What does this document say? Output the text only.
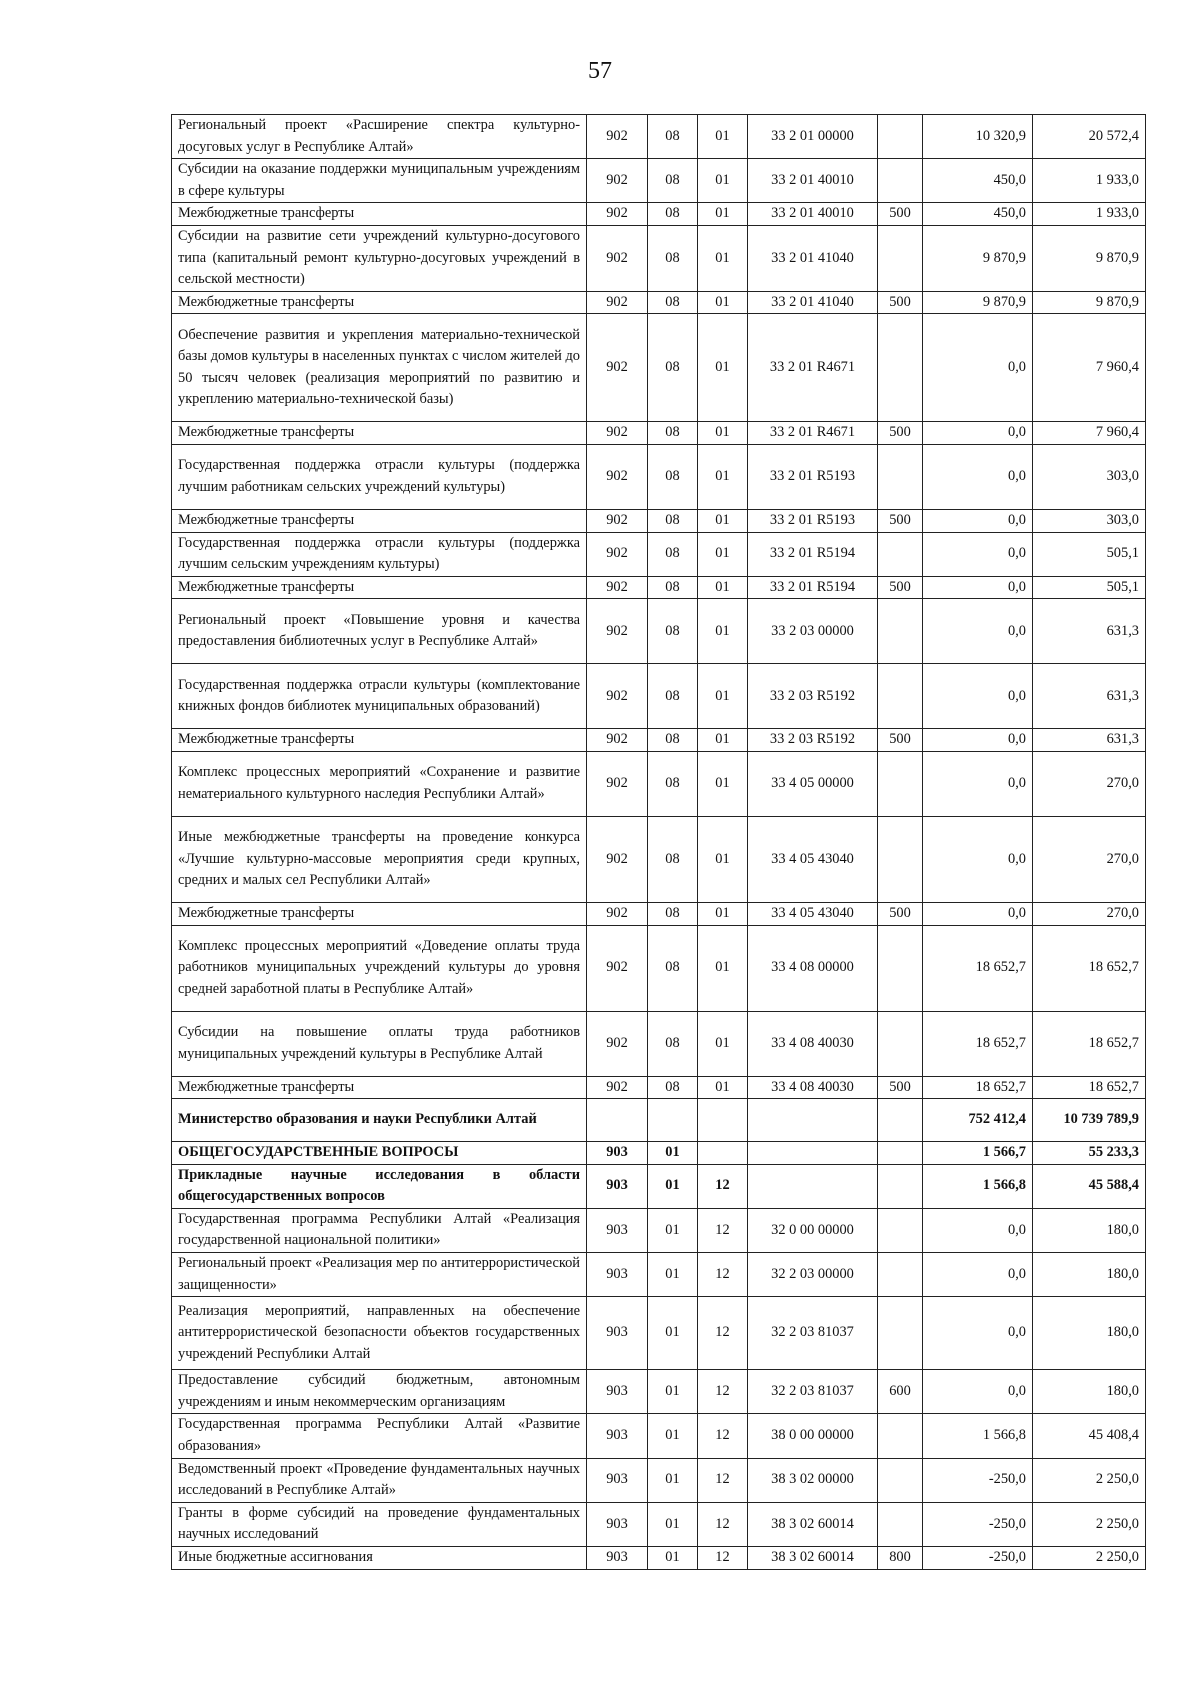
57
Региональный проект «Расширение спектра культурно-досуговых услуг в Республике Алтай»	902	08	01	33 2 01 00000		10 320,9	20 572,4
Субсидии на оказание поддержки муниципальным учреждениям в сфере культуры	902	08	01	33 2 01 40010		450,0	1 933,0
Межбюджетные трансферты	902	08	01	33 2 01 40010	500	450,0	1 933,0
Субсидии на развитие сети учреждений культурно-досугового типа (капитальный ремонт культурно-досуговых учреждений в сельской местности)	902	08	01	33 2 01 41040		9 870,9	9 870,9
Межбюджетные трансферты	902	08	01	33 2 01 41040	500	9 870,9	9 870,9
Обеспечение развития и укрепления материально-технической базы домов культуры в населенных пунктах с числом жителей до 50 тысяч человек (реализация мероприятий по развитию и укреплению материально-технической базы)	902	08	01	33 2 01 R4671		0,0	7 960,4
Межбюджетные трансферты	902	08	01	33 2 01 R4671	500	0,0	7 960,4
Государственная поддержка отрасли культуры (поддержка лучшим работникам сельских учреждений культуры)	902	08	01	33 2 01 R5193		0,0	303,0
Межбюджетные трансферты	902	08	01	33 2 01 R5193	500	0,0	303,0
Государственная поддержка отрасли культуры (поддержка лучшим сельским учреждениям культуры)	902	08	01	33 2 01 R5194		0,0	505,1
Межбюджетные трансферты	902	08	01	33 2 01 R5194	500	0,0	505,1
Региональный проект «Повышение уровня и качества предоставления библиотечных услуг в Республике Алтай»	902	08	01	33 2 03 00000		0,0	631,3
Государственная поддержка отрасли культуры (комплектование книжных фондов библиотек муниципальных образований)	902	08	01	33 2 03 R5192		0,0	631,3
Межбюджетные трансферты	902	08	01	33 2 03 R5192	500	0,0	631,3
Комплекс процессных мероприятий «Сохранение и развитие нематериального культурного наследия Республики Алтай»	902	08	01	33 4 05 00000		0,0	270,0
Иные межбюджетные трансферты на проведение конкурса «Лучшие культурно-массовые мероприятия среди крупных, средних и малых сел Республики Алтай»	902	08	01	33 4 05 43040		0,0	270,0
Межбюджетные трансферты	902	08	01	33 4 05 43040	500	0,0	270,0
Комплекс процессных мероприятий «Доведение оплаты труда работников муниципальных учреждений культуры до уровня средней заработной платы в Республике Алтай»	902	08	01	33 4 08 00000		18 652,7	18 652,7
Субсидии на повышение оплаты труда работников муниципальных учреждений культуры в Республике Алтай	902	08	01	33 4 08 40030		18 652,7	18 652,7
Межбюджетные трансферты	902	08	01	33 4 08 40030	500	18 652,7	18 652,7
Министерство образования и науки Республики Алтай						752 412,4	10 739 789,9
ОБЩЕГОСУДАРСТВЕННЫЕ ВОПРОСЫ	903	01				1 566,7	55 233,3
Прикладные научные исследования в области общегосударственных вопросов	903	01	12			1 566,8	45 588,4
Государственная программа Республики Алтай «Реализация государственной национальной политики»	903	01	12	32 0 00 00000		0,0	180,0
Региональный проект «Реализация мер по антитеррористической защищенности»	903	01	12	32 2 03 00000		0,0	180,0
Реализация мероприятий, направленных на обеспечение антитеррористической безопасности объектов государственных учреждений Республики Алтай	903	01	12	32 2 03 81037		0,0	180,0
Предоставление субсидий бюджетным, автономным учреждениям и иным некоммерческим организациям	903	01	12	32 2 03 81037	600	0,0	180,0
Государственная программа Республики Алтай «Развитие образования»	903	01	12	38 0 00 00000		1 566,8	45 408,4
Ведомственный проект «Проведение фундаментальных научных исследований в Республике Алтай»	903	01	12	38 3 02 00000		-250,0	2 250,0
Гранты в форме субсидий на проведение фундаментальных научных исследований	903	01	12	38 3 02 60014		-250,0	2 250,0
Иные бюджетные ассигнования	903	01	12	38 3 02 60014	800	-250,0	2 250,0
